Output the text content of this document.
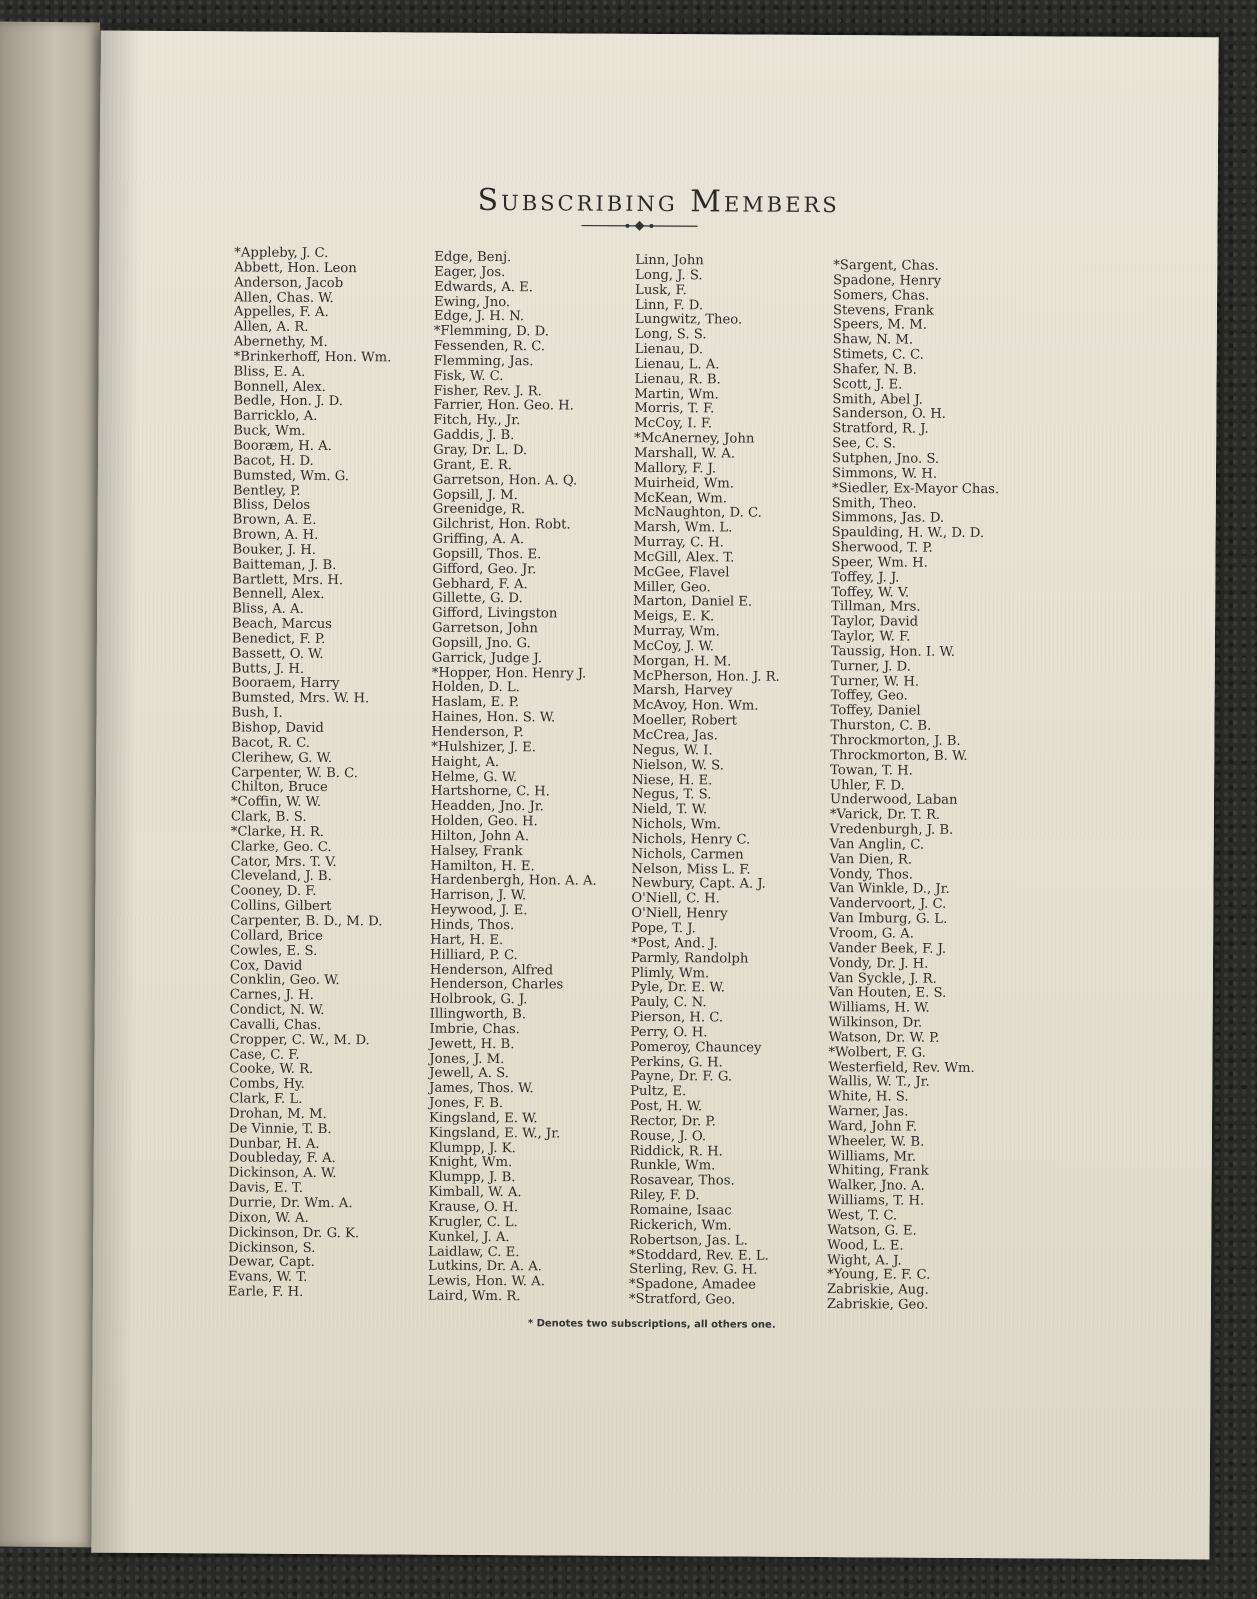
Subscribing Members
*Appleby, J. C.
Abbett, Hon. Leon
Anderson, Jacob
Allen, Chas. W.
Appelles, F. A.
Allen, A. R.
Abernethy, M.
*Brinkerhoff, Hon. Wm.
Bliss, E. A.
Bonnell, Alex.
Bedle, Hon. J. D.
Barricklo, A.
Buck, Wm.
Booræm, H. A.
Bacot, H. D.
Bumsted, Wm. G.
Bentley, P.
Bliss, Delos
Brown, A. E.
Brown, A. H.
Bouker, J. H.
Baitteman, J. B.
Bartlett, Mrs. H.
Bennell, Alex.
Bliss, A. A.
Beach, Marcus
Benedict, F. P.
Bassett, O. W.
Butts, J. H.
Booraem, Harry
Bumsted, Mrs. W. H.
Bush, I.
Bishop, David
Bacot, R. C.
Clerihew, G. W.
Carpenter, W. B. C.
Chilton, Bruce
*Coffin, W. W.
Clark, B. S.
*Clarke, H. R.
Clarke, Geo. C.
Cator, Mrs. T. V.
Cleveland, J. B.
Cooney, D. F.
Collins, Gilbert
Carpenter, B. D., M. D.
Collard, Brice
Cowles, E. S.
Cox, David
Conklin, Geo. W.
Carnes, J. H.
Condict, N. W.
Cavalli, Chas.
Cropper, C. W., M. D.
Case, C. F.
Cooke, W. R.
Combs, Hy.
Clark, F. L.
Drohan, M. M.
De Vinnie, T. B.
Dunbar, H. A.
Doubleday, F. A.
Dickinson, A. W.
Davis, E. T.
Durrie, Dr. Wm. A.
Dixon, W. A.
Dickinson, Dr. G. K.
Dickinson, S.
Dewar, Capt.
Evans, W. T.
Earle, F. H.
Edge, Benj.
Eager, Jos.
Edwards, A. E.
Ewing, Jno.
Edge, J. H. N.
*Flemming, D. D.
Fessenden, R. C.
Flemming, Jas.
Fisk, W. C.
Fisher, Rev. J. R.
Farrier, Hon. Geo. H.
Fitch, Hy., Jr.
Gaddis, J. B.
Gray, Dr. L. D.
Grant, E. R.
Garretson, Hon. A. Q.
Gopsill, J. M.
Greenidge, R.
Gilchrist, Hon. Robt.
Griffing, A. A.
Gopsill, Thos. E.
Gifford, Geo. Jr.
Gebhard, F. A.
Gillette, G. D.
Gifford, Livingston
Garretson, John
Gopsill, Jno. G.
Garrick, Judge J.
*Hopper, Hon. Henry J.
Holden, D. L.
Haslam, E. P.
Haines, Hon. S. W.
Henderson, P.
*Hulshizer, J. E.
Haight, A.
Helme, G. W.
Hartshorne, C. H.
Headden, Jno. Jr.
Holden, Geo. H.
Hilton, John A.
Halsey, Frank
Hamilton, H. E.
Hardenbergh, Hon. A. A.
Harrison, J. W.
Heywood, J. E.
Hinds, Thos.
Hart, H. E.
Hilliard, P. C.
Henderson, Alfred
Henderson, Charles
Holbrook, G. J.
Illingworth, B.
Imbrie, Chas.
Jewett, H. B.
Jones, J. M.
Jewell, A. S.
James, Thos. W.
Jones, F. B.
Kingsland, E. W.
Kingsland, E. W., Jr.
Klumpp, J. K.
Knight, Wm.
Klumpp, J. B.
Kimball, W. A.
Krause, O. H.
Krugler, C. L.
Kunkel, J. A.
Laidlaw, C. E.
Lutkins, Dr. A. A.
Lewis, Hon. W. A.
Laird, Wm. R.
Linn, John
Long, J. S.
Lusk, F.
Linn, F. D.
Lungwitz, Theo.
Long, S. S.
Lienau, D.
Lienau, L. A.
Lienau, R. B.
Martin, Wm.
Morris, T. F.
McCoy, I. F.
*McAnerney, John
Marshall, W. A.
Mallory, F. J.
Muirheid, Wm.
McKean, Wm.
McNaughton, D. C.
Marsh, Wm. L.
Murray, C. H.
McGill, Alex. T.
McGee, Flavel
Miller, Geo.
Marton, Daniel E.
Meigs, E. K.
Murray, Wm.
McCoy, J. W.
Morgan, H. M.
McPherson, Hon. J. R.
Marsh, Harvey
McAvoy, Hon. Wm.
Moeller, Robert
McCrea, Jas.
Negus, W. I.
Nielson, W. S.
Niese, H. E.
Negus, T. S.
Nield, T. W.
Nichols, Wm.
Nichols, Henry C.
Nichols, Carmen
Nelson, Miss L. F.
Newbury, Capt. A. J.
O'Niell, C. H.
O'Niell, Henry
Pope, T. J.
*Post, And. J.
Parmly, Randolph
Plimly, Wm.
Pyle, Dr. E. W.
Pauly, C. N.
Pierson, H. C.
Perry, O. H.
Pomeroy, Chauncey
Perkins, G. H.
Payne, Dr. F. G.
Pultz, E.
Post, H. W.
Rector, Dr. P.
Rouse, J. O.
Riddick, R. H.
Runkle, Wm.
Rosavear, Thos.
Riley, F. D.
Romaine, Isaac
Rickerich, Wm.
Robertson, Jas. L.
*Stoddard, Rev. E. L.
Sterling, Rev. G. H.
*Spadone, Amadee
*Stratford, Geo.
*Sargent, Chas.
Spadone, Henry
Somers, Chas.
Stevens, Frank
Speers, M. M.
Shaw, N. M.
Stimets, C. C.
Shafer, N. B.
Scott, J. E.
Smith, Abel J.
Sanderson, O. H.
Stratford, R. J.
See, C. S.
Sutphen, Jno. S.
Simmons, W. H.
*Siedler, Ex-Mayor Chas.
Smith, Theo.
Simmons, Jas. D.
Spaulding, H. W., D. D.
Sherwood, T. P.
Speer, Wm. H.
Toffey, J. J.
Toffey, W. V.
Tillman, Mrs.
Taylor, David
Taylor, W. F.
Taussig, Hon. I. W.
Turner, J. D.
Turner, W. H.
Toffey, Geo.
Toffey, Daniel
Thurston, C. B.
Throckmorton, J. B.
Throckmorton, B. W.
Towan, T. H.
Uhler, F. D.
Underwood, Laban
*Varick, Dr. T. R.
Vredenburgh, J. B.
Van Anglin, C.
Van Dien, R.
Vondy, Thos.
Van Winkle, D., Jr.
Vandervoort, J. C.
Van Imburg, G. L.
Vroom, G. A.
Vander Beek, F. J.
Vondy, Dr. J. H.
Van Syckle, J. R.
Van Houten, E. S.
Williams, H. W.
Wilkinson, Dr.
Watson, Dr. W. P.
*Wolbert, F. G.
Westerfield, Rev. Wm.
Wallis, W. T., Jr.
White, H. S.
Warner, Jas.
Ward, John F.
Wheeler, W. B.
Williams, Mr.
Whiting, Frank
Walker, Jno. A.
Williams, T. H.
West, T. C.
Watson, G. E.
Wood, L. E.
Wight, A. J.
*Young, E. F. C.
Zabriskie, Aug.
Zabriskie, Geo.
* Denotes two subscriptions, all others one.
